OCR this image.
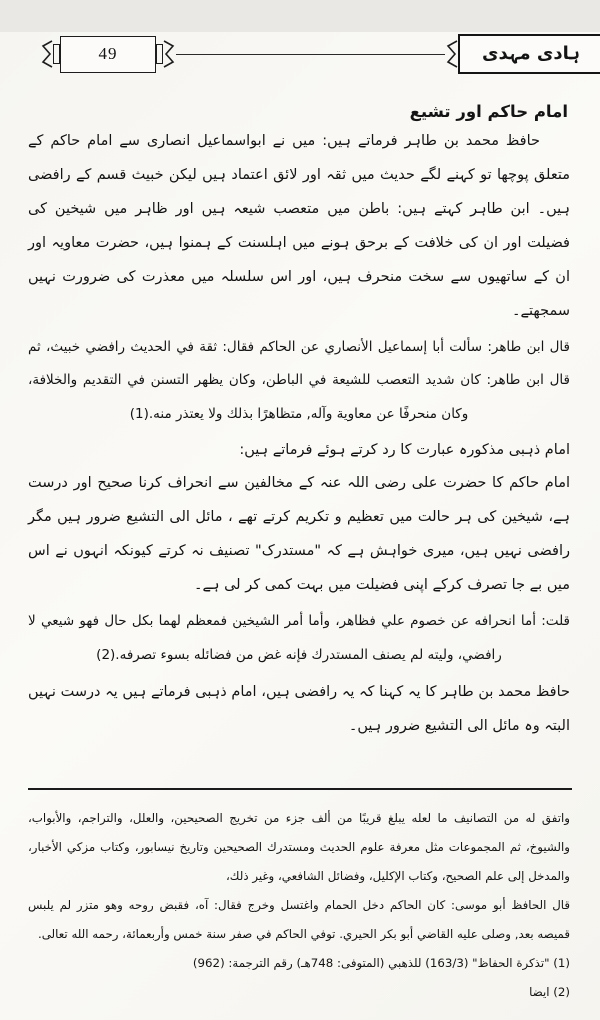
49	ہادی مہدی
امام حاکم اور تشیع

حافظ محمد بن طاہر فرماتے ہیں: میں نے ابواسماعیل انصاری سے امام حاکم کے متعلق پوچھا تو کہنے لگے حدیث میں ثقہ اور لائق اعتماد ہیں لیکن خبیث قسم کے رافضی ہیں۔ ابن طاہر کہتے ہیں: باطن میں متعصب شیعہ ہیں اور ظاہر میں شیخین کی فضیلت اور ان کی خلافت کے برحق ہونے میں اہلسنت کے ہمنوا ہیں، حضرت معاویہ اور ان کے ساتھیوں سے سخت منحرف ہیں، اور اس سلسلہ میں معذرت کی ضرورت نہیں سمجھتے۔

قال ابن طاهر: سألت أبا إسماعيل الأنصاري عن الحاكم فقال: ثقة في الحديث رافضي خبيث، ثم قال ابن طاهر: كان شديد التعصب للشيعة في الباطن، وكان يظهر التسنن في التقديم والخلافة، وكان منحرفًا عن معاوية وآله, متظاهرًا بذلك ولا يعتذر منه.(1)

امام ذہبی مذکورہ عبارت کا رد کرتے ہوئے فرماتے ہیں:

امام حاکم کا حضرت علی رضی اللہ عنہ کے مخالفین سے انحراف کرنا صحیح اور درست ہے، شیخین کی ہر حالت میں تعظیم و تکریم کرتے تھے ، مائل الی التشیع ضرور ہیں مگر رافضی نہیں ہیں، میری خواہش ہے کہ "مستدرک" تصنیف نہ کرتے کیونکہ انہوں نے اس میں بے جا تصرف کرکے اپنی فضیلت میں بہت کمی کر لی ہے۔

قلت: أما انحرافه عن خصوم علي فظاهر، وأما أمر الشيخين فمعظم لهما بكل حال فهو شيعي لا رافضي، وليته لم يصنف المستدرك فإنه غض من فضائله بسوء تصرفه.(2)

حافظ محمد بن طاہر کا یہ کہنا کہ یہ رافضی ہیں، امام ذہبی فرماتے ہیں یہ درست نہیں البتہ وہ مائل الی التشیع ضرور ہیں۔

واتفق له من التصانيف ما لعله يبلغ قريبًا من ألف جزء من تخريج الصحيحين، والعلل، والتراجم، والأبواب، والشيوخ، ثم المجموعات مثل معرفة علوم الحديث ومستدرك الصحيحين وتاريخ نيسابور، وكتاب مزكي الأخبار، والمدخل إلى علم الصحيح، وكتاب الإكليل، وفضائل الشافعي، وغير ذلك،

قال الحافظ أبو موسى: كان الحاكم دخل الحمام واغتسل وخرج فقال: آه، فقبض روحه وهو متزر لم يلبس قميصه بعد, وصلى عليه القاضي أبو بكر الحيري. توفي الحاكم في صفر سنة خمس وأربعمائة، رحمه الله تعالى.

(1) "تذكرة الحفاظ" (163/3) للذهبي (المتوفى: 748هـ) رقم الترجمة: (962)

(2) ايضا
